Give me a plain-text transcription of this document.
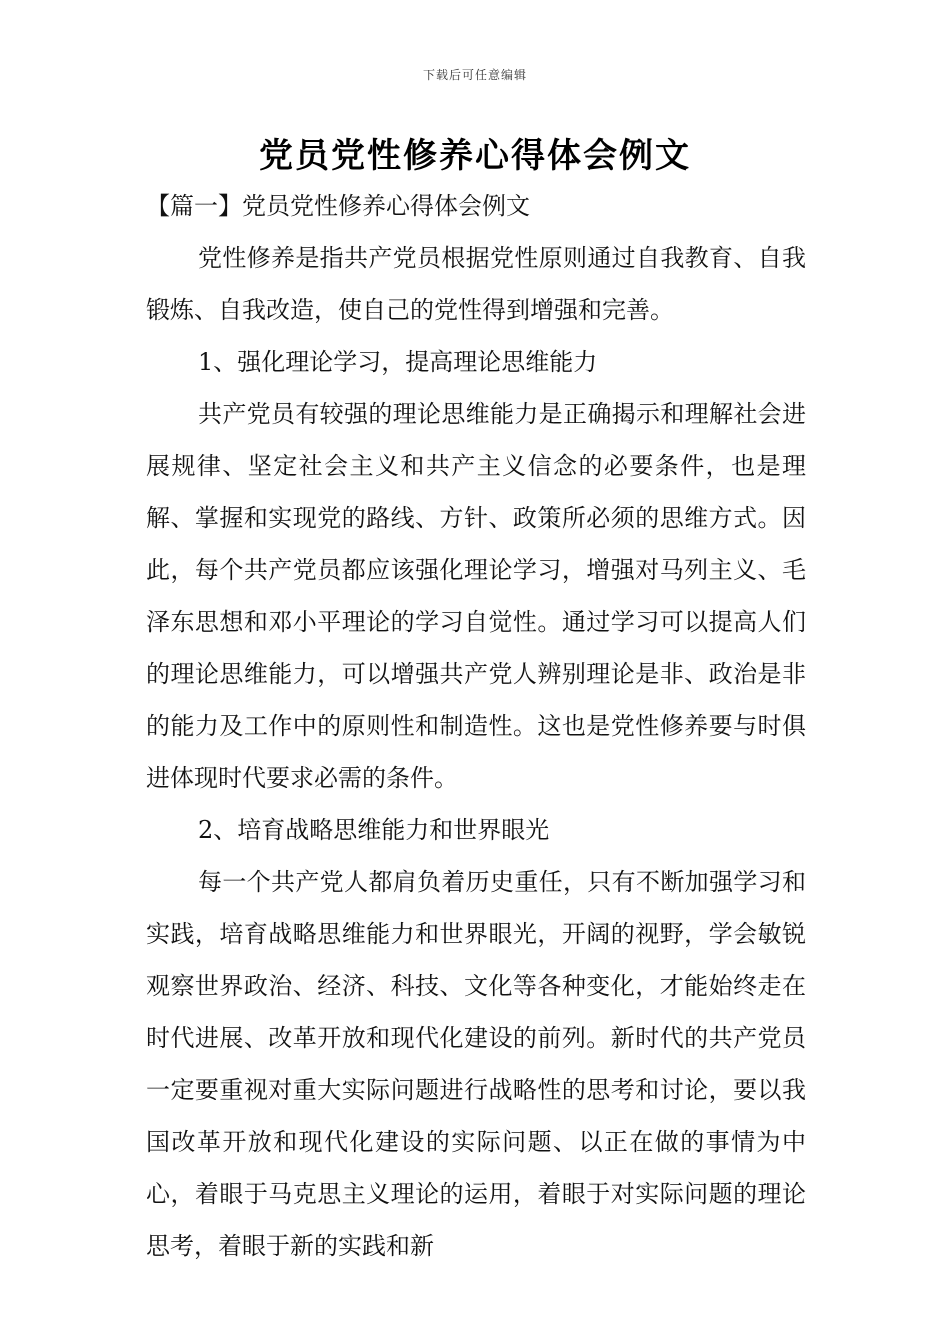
下载后可任意编辑
党员党性修养心得体会例文

【篇一】党员党性修养心得体会例文

党性修养是指共产党员根据党性原则通过自我教育、自我锻炼、自我改造，使自己的党性得到增强和完善。

1、强化理论学习，提高理论思维能力

共产党员有较强的理论思维能力是正确揭示和理解社会进展规律、坚定社会主义和共产主义信念的必要条件，也是理解、掌握和实现党的路线、方针、政策所必须的思维方式。因此，每个共产党员都应该强化理论学习，增强对马列主义、毛泽东思想和邓小平理论的学习自觉性。通过学习可以提高人们的理论思维能力，可以增强共产党人辨别理论是非、政治是非的能力及工作中的原则性和制造性。这也是党性修养要与时俱进体现时代要求必需的条件。

2、培育战略思维能力和世界眼光

每一个共产党人都肩负着历史重任，只有不断加强学习和实践，培育战略思维能力和世界眼光，开阔的视野，学会敏锐观察世界政治、经济、科技、文化等各种变化，才能始终走在时代进展、改革开放和现代化建设的前列。新时代的共产党员一定要重视对重大实际问题进行战略性的思考和讨论，要以我国改革开放和现代化建设的实际问题、以正在做的事情为中心，着眼于马克思主义理论的运用，着眼于对实际问题的理论思考，着眼于新的实践和新
